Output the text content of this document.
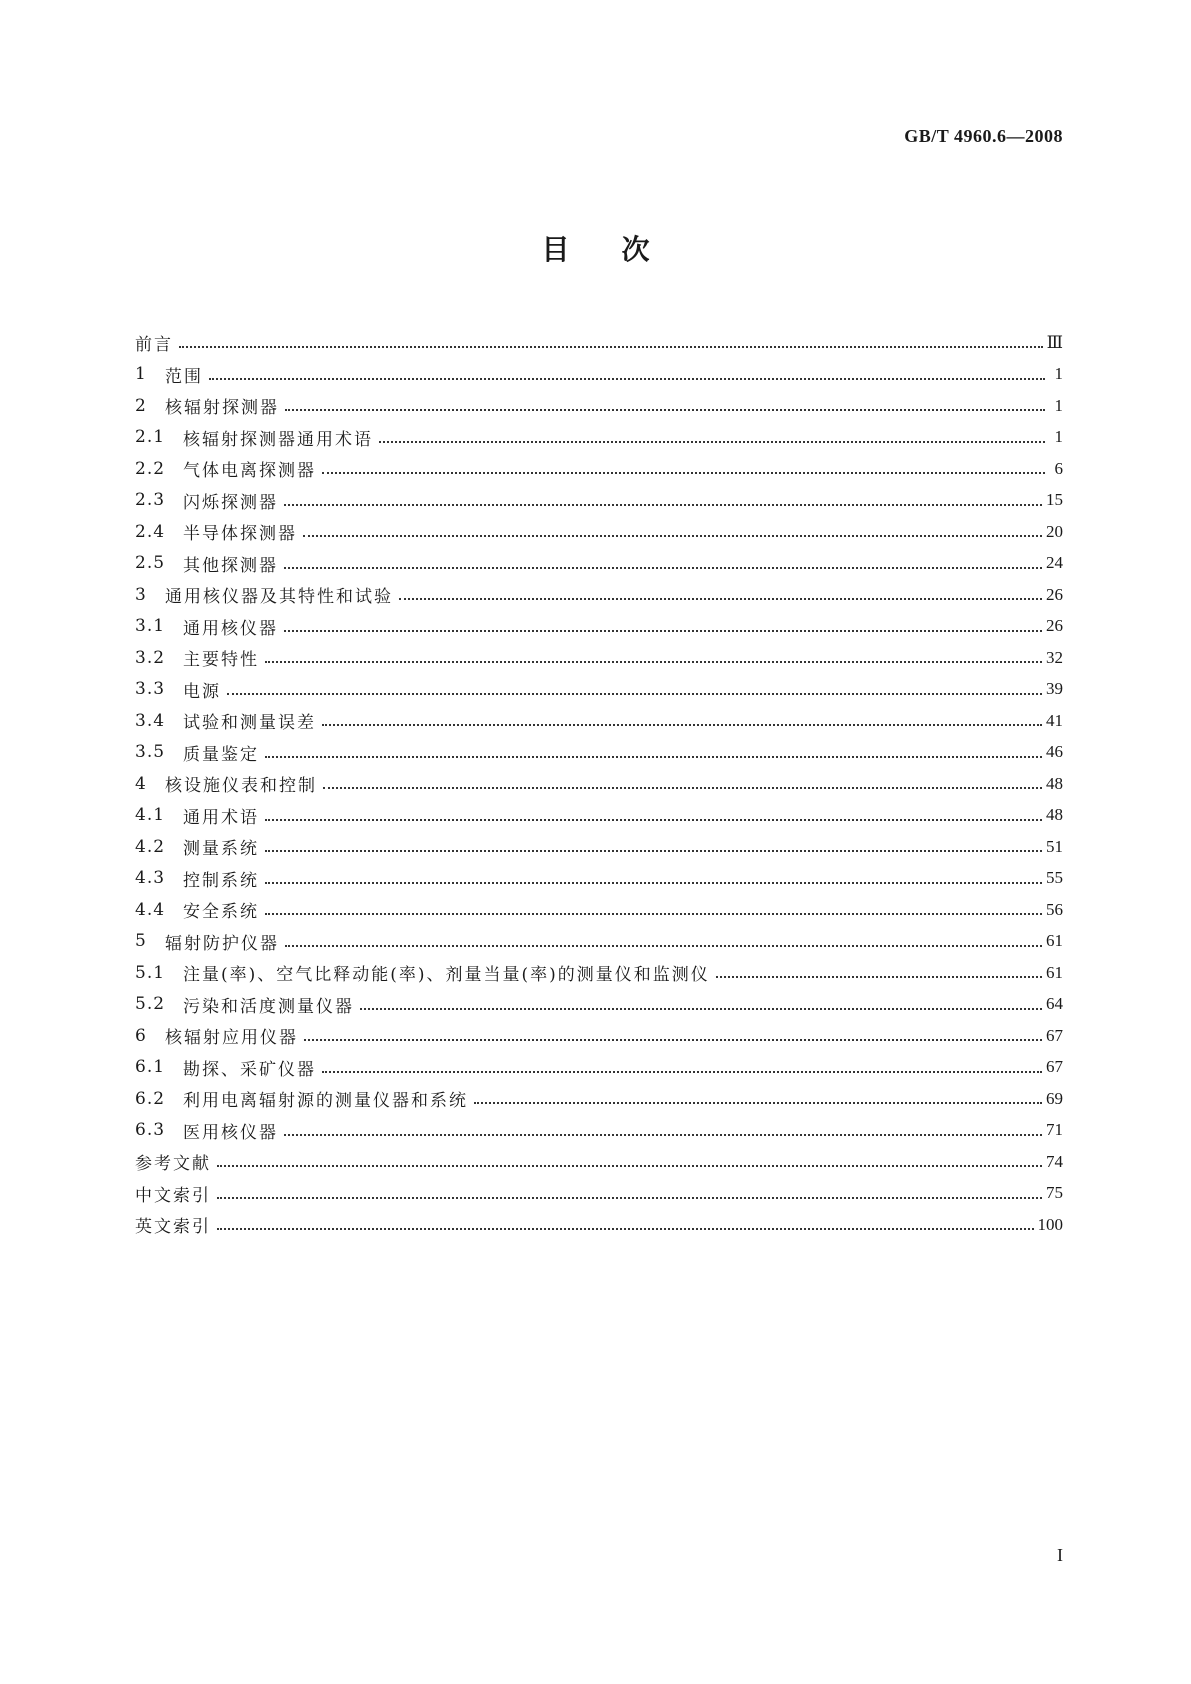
GB/T 4960.6—2008
目次
前言	Ⅲ
1	范围	1
2	核辐射探测器	1
2.1	核辐射探测器通用术语	1
2.2	气体电离探测器	6
2.3	闪烁探测器	15
2.4	半导体探测器	20
2.5	其他探测器	24
3	通用核仪器及其特性和试验	26
3.1	通用核仪器	26
3.2	主要特性	32
3.3	电源	39
3.4	试验和测量误差	41
3.5	质量鉴定	46
4	核设施仪表和控制	48
4.1	通用术语	48
4.2	测量系统	51
4.3	控制系统	55
4.4	安全系统	56
5	辐射防护仪器	61
5.1	注量(率)、空气比释动能(率)、剂量当量(率)的测量仪和监测仪	61
5.2	污染和活度测量仪器	64
6	核辐射应用仪器	67
6.1	勘探、采矿仪器	67
6.2	利用电离辐射源的测量仪器和系统	69
6.3	医用核仪器	71
参考文献	74
中文索引	75
英文索引	100
I
